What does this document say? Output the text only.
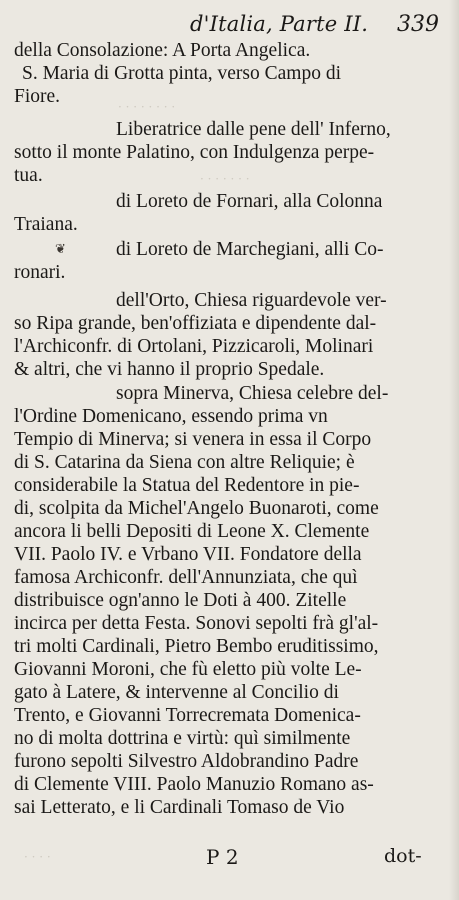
d'Italia, Parte II. 339
· · · · · · · ·
· · · · · · ·
· · · ·
della Consolazione: A Porta Angelica.
S. Maria di Grotta pinta, verso Campo di
Fiore.
Liberatrice dalle pene dell' Inferno,
sotto il monte Palatino, con Indulgenza perpe-
tua.
di Loreto de Fornari, alla Colonna
Traiana.
di Loreto de Marchegiani, alli Co-
ronari.
dell'Orto, Chiesa riguardevole ver-
so Ripa grande, ben'offiziata e dipendente dal-
l'Archiconfr. di Ortolani, Pizzicaroli, Molinari
& altri, che vi hanno il proprio Spedale.
sopra Minerva, Chiesa celebre del-
l'Ordine Domenicano, essendo prima vn
Tempio di Minerva; si venera in essa il Corpo
di S. Catarina da Siena con altre Reliquie; è
considerabile la Statua del Redentore in pie-
di, scolpita da Michel'Angelo Buonaroti, come
ancora li belli Depositi di Leone X. Clemente
VII. Paolo IV. e Vrbano VII. Fondatore della
famosa Archiconfr. dell'Annunziata, che quì
distribuisce ogn'anno le Doti à 400. Zitelle
incirca per detta Festa. Sonovi sepolti frà gl'al-
tri molti Cardinali, Pietro Bembo eruditissimo,
Giovanni Moroni, che fù eletto più volte Le-
gato à Latere, & intervenne al Concilio di
Trento, e Giovanni Torrecremata Domenica-
no di molta dottrina e virtù: quì similmente
furono sepolti Silvestro Aldobrandino Padre
di Clemente VIII. Paolo Manuzio Romano as-
sai Letterato, e li Cardinali Tomaso de Vio
❦
P 2	dot-
